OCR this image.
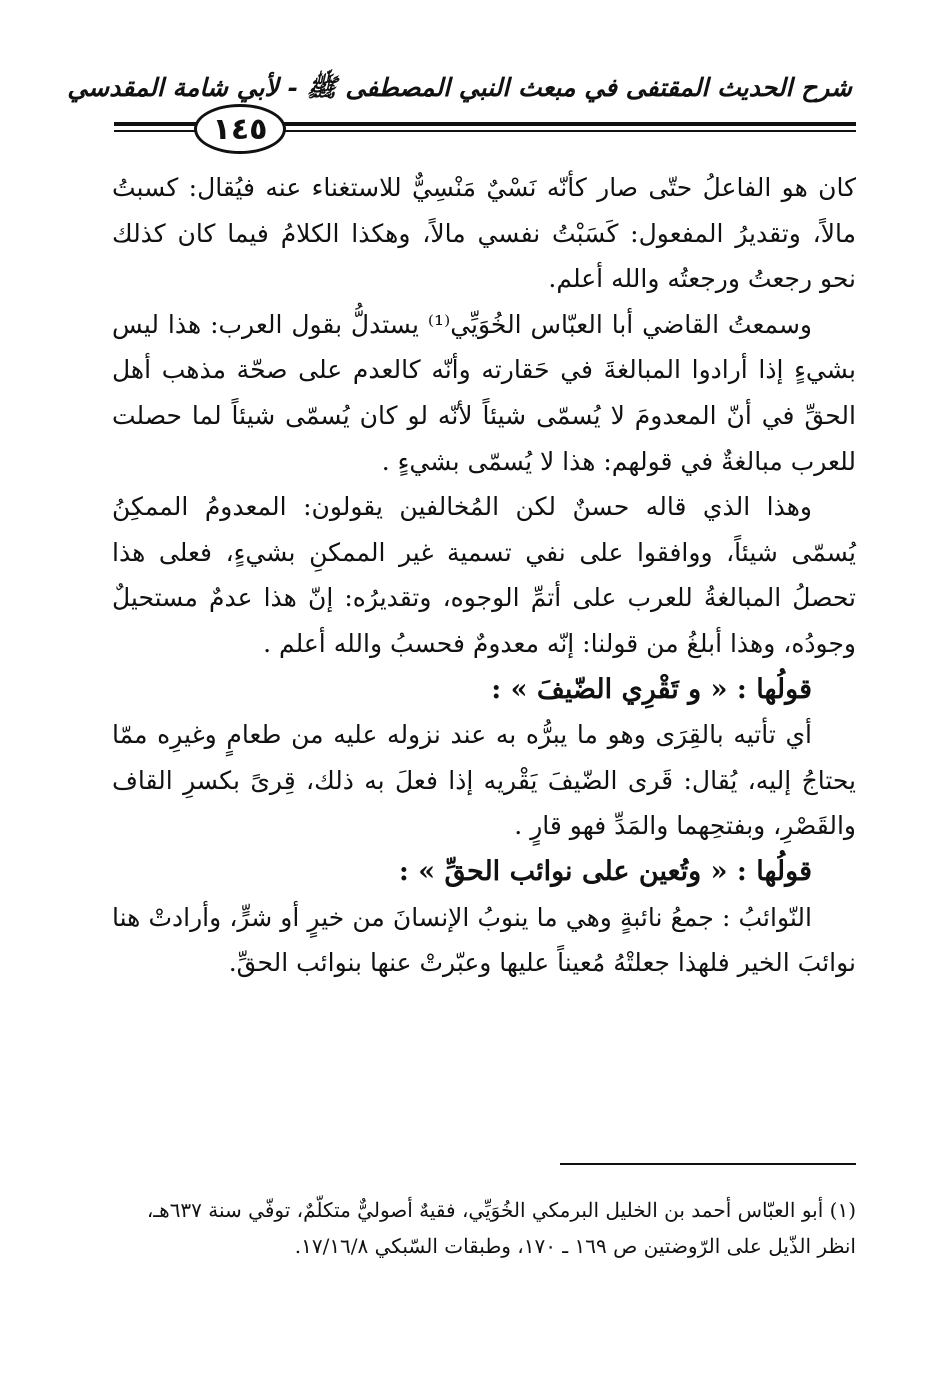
شرح الحديث المقتفى في مبعث النبي المصطفى ﷺ - لأبي شامة المقدسي
١٤٥

كان هو الفاعلُ حتّى صار كأنّه نَسْيٌ مَنْسِيٌّ للاستغناء عنه فيُقال: كسبتُ مالاً، وتقديرُ المفعول: كَسَبْتُ نفسي مالاً، وهكذا الكلامُ فيما كان كذلك نحو رجعتُ ورجعتُه والله أعلم.

وسمعتُ القاضي أبا العبّاس الخُوَيِّي⁽¹⁾ يستدلُّ بقول العرب: هذا ليس بشيءٍ إذا أرادوا المبالغةَ في حَقارته وأنّه كالعدم على صحّة مذهب أهل الحقِّ في أنّ المعدومَ لا يُسمّى شيئاً لأنّه لو كان يُسمّى شيئاً لما حصلت للعرب مبالغةٌ في قولهم: هذا لا يُسمّى بشيءٍ .

وهذا الذي قاله حسنٌ لكن المُخالفين يقولون: المعدومُ الممكِنُ يُسمّى شيئاً، ووافقوا على نفي تسمية غير الممكنِ بشيءٍ، فعلى هذا تحصلُ المبالغةُ للعرب على أتمِّ الوجوه، وتقديرُه: إنّ هذا عدمٌ مستحيلٌ وجودُه، وهذا أبلغُ من قولنا: إنّه معدومٌ فحسبُ والله أعلم .

قولُها : « و تَقْرِي الضّيفَ » :

أي تأتيه بالقِرَى وهو ما يبرُّه به عند نزوله عليه من طعامٍ وغيرِه ممّا يحتاجُ إليه، يُقال: قَرى الضّيفَ يَقْريه إذا فعلَ به ذلك، قِرىً بكسرِ القاف والقَصْرِ، وبفتحِهما والمَدِّ فهو قارٍ .

قولُها : « وتُعين على نوائب الحقِّ » :

النّوائبُ : جمعُ نائبةٍ وهي ما ينوبُ الإنسانَ من خيرٍ أو شرٍّ، وأرادتْ هنا نوائبَ الخير فلهذا جعلتْهُ مُعيناً عليها وعبّرتْ عنها بنوائب الحقِّ.

(١) أبو العبّاس أحمد بن الخليل البرمكي الخُوَيِّي، فقيهٌ أصوليٌّ متكلّمٌ، توفّي سنة ٦٣٧هـ،

انظر الذّيل على الرّوضتين ص ١٦٩ ـ ١٧٠، وطبقات السّبكي ١٧/١٦/٨.
